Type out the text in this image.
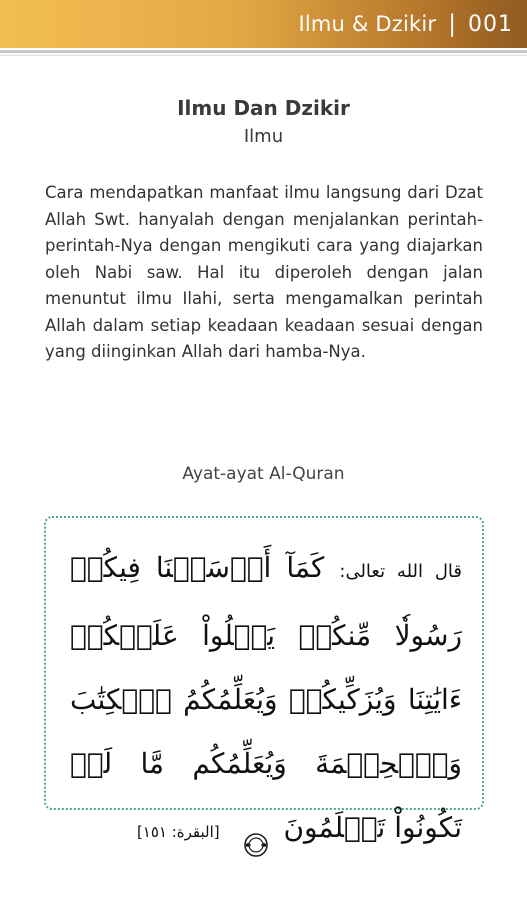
Ilmu & Dzikir | 001
Ilmu Dan Dzikir
Ilmu
Cara mendapatkan manfaat ilmu langsung dari Dzat Allah Swt. hanyalah dengan menjalankan perintah-perintah-Nya dengan mengikuti cara yang diajarkan oleh Nabi saw. Hal itu diperoleh dengan jalan menuntut ilmu Ilahi, serta mengamalkan perintah Allah dalam setiap keadaan keadaan sesuai dengan yang diinginkan Allah dari hamba-Nya.
Ayat-ayat Al-Quran
قال الله تعالى: كَمَآ أَرۡسَلۡنَا فِيكُمۡ رَسُولٗا مِّنكُمۡ يَتۡلُواْ عَلَيۡكُمۡ ءَايَٰتِنَا وَيُزَكِّيكُمۡ وَيُعَلِّمُكُمُ ٱلۡكِتَٰبَ وَٱلۡحِكۡمَةَ وَيُعَلِّمُكُم مَّا لَمۡ تَكُونُواْ تَعۡلَمُونَ  [البقرة: ١٥١]
